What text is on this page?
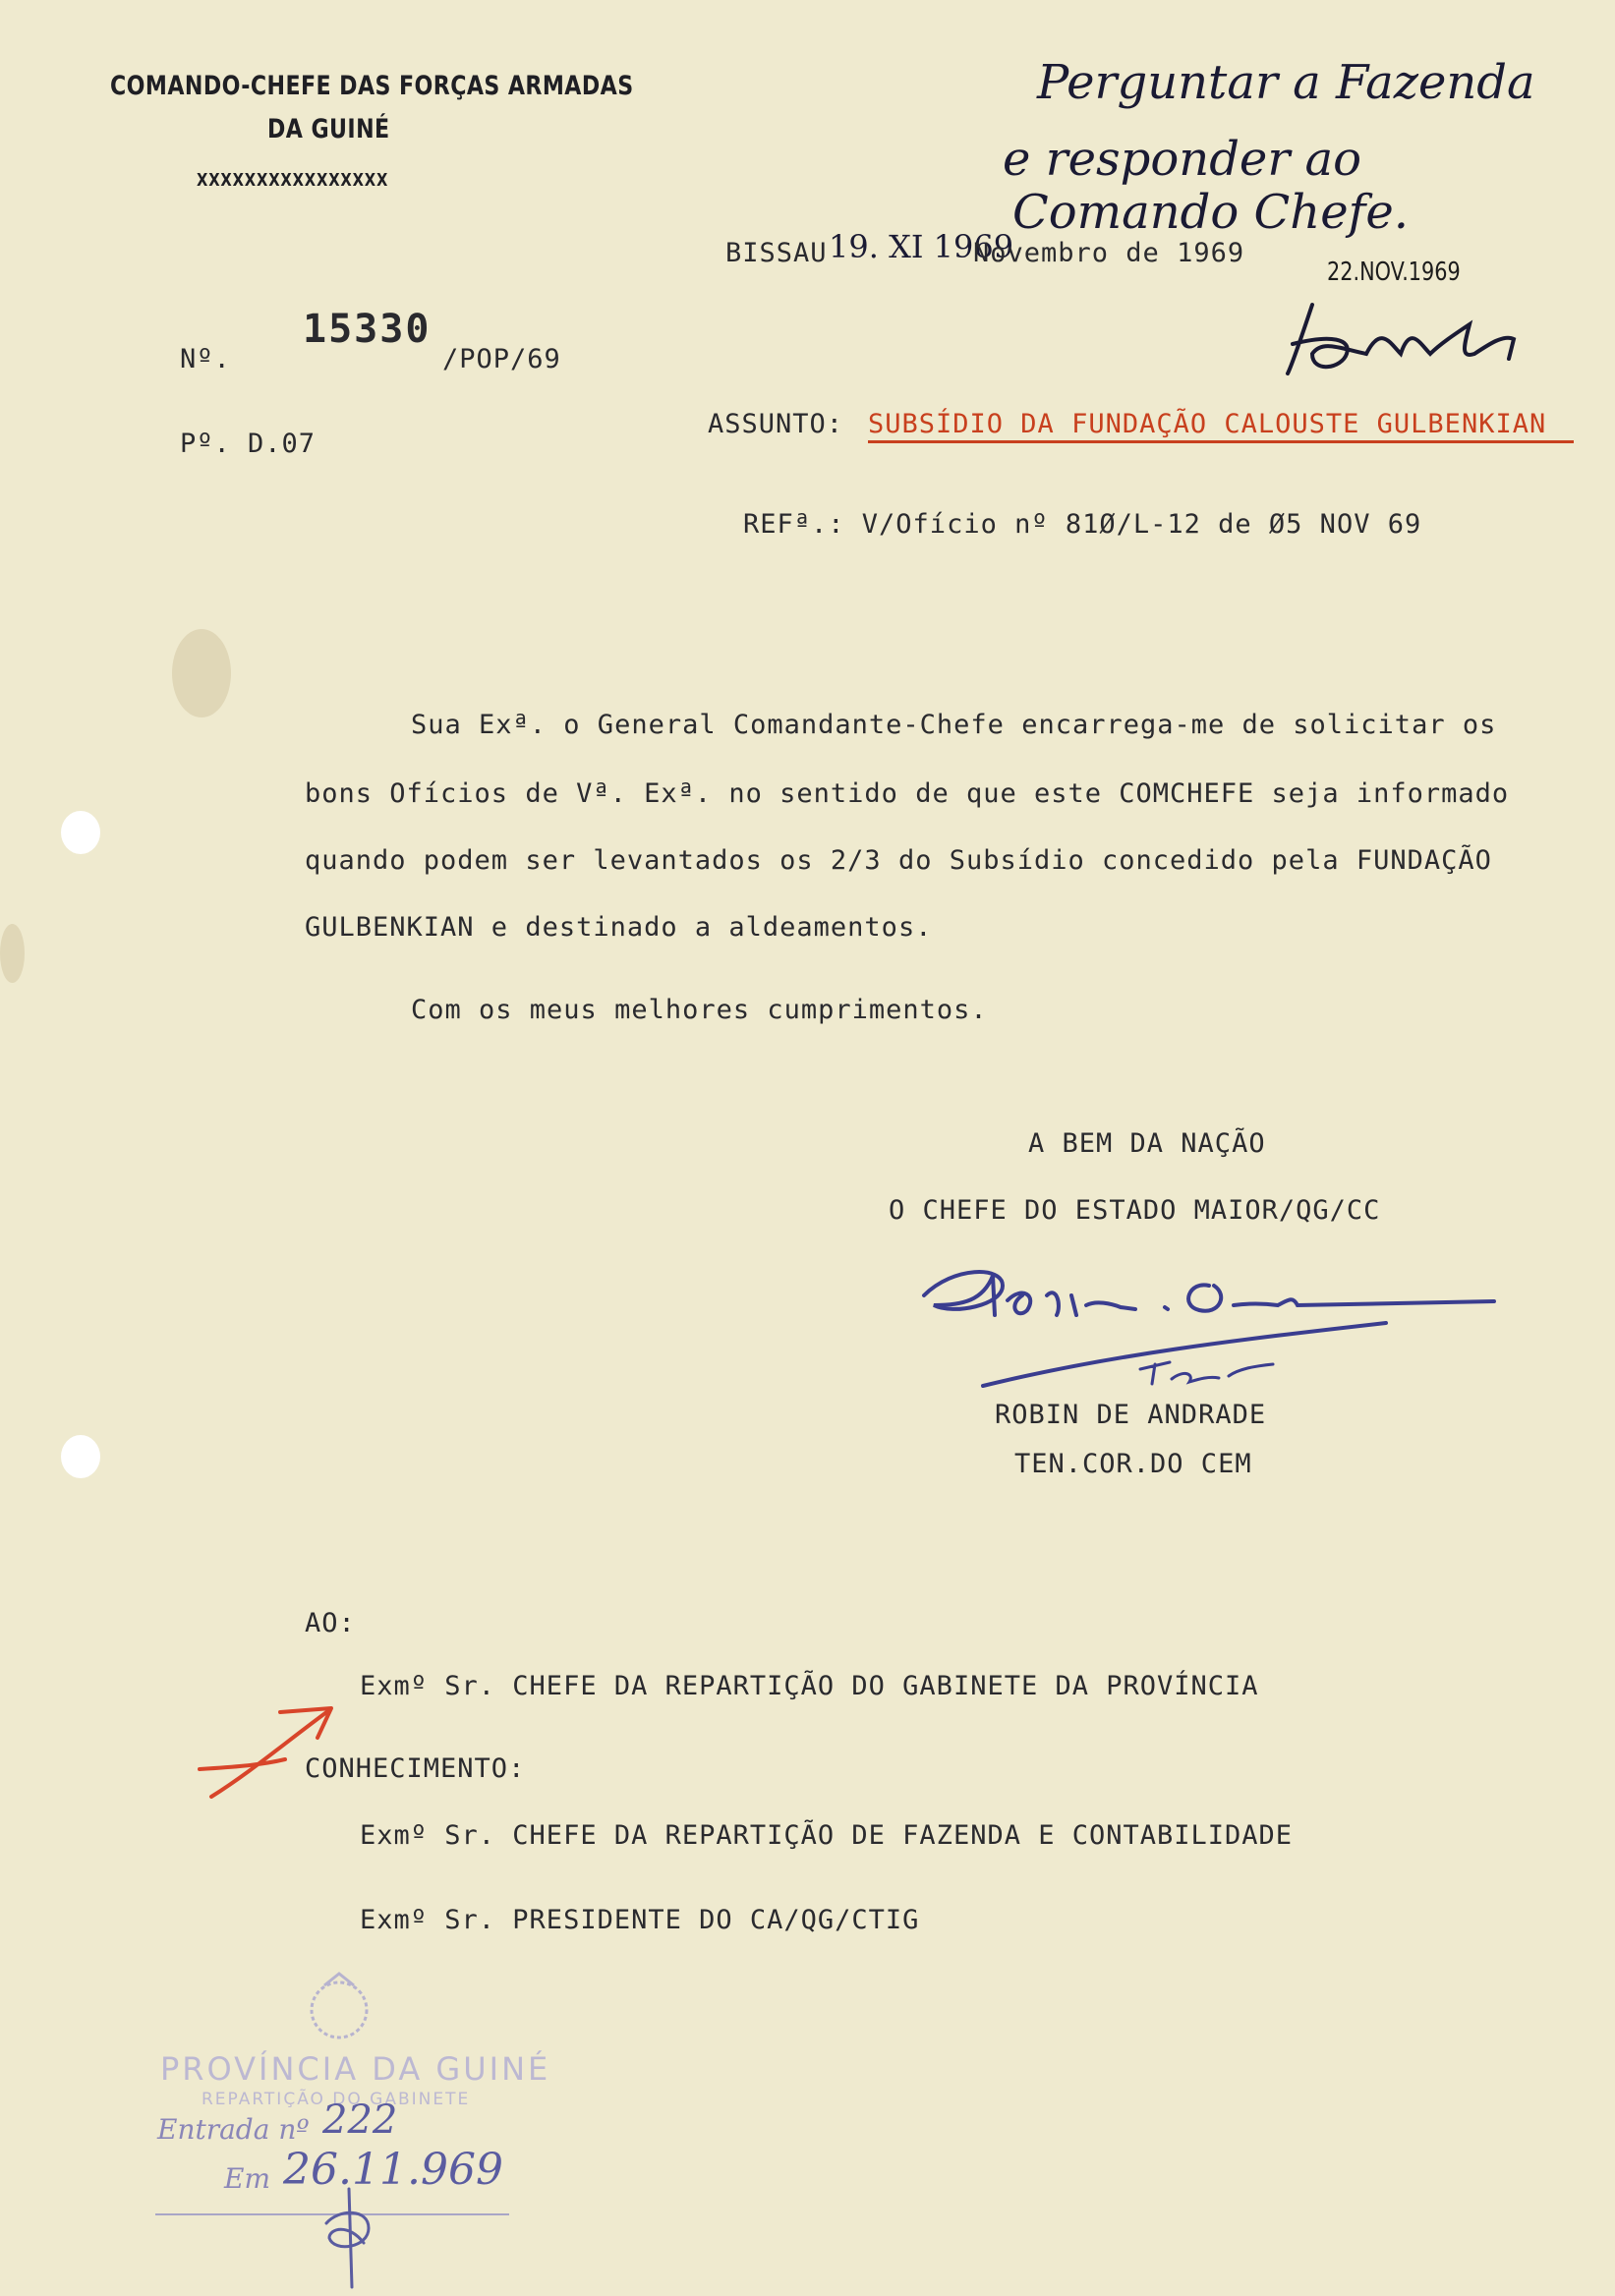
COMANDO-CHEFE DAS FORÇAS ARMADAS
DA GUINÉ
XXXXXXXXXXXXXXXX
Perguntar a Fazenda
e responder ao
Comando Chefe.
BISSAU 19. XI 1969
Novembro de 1969
22.NOV.1969
Nº.
15330
/POP/69
Pº. D.07
ASSUNTO: SUBSÍDIO DA FUNDAÇÃO CALOUSTE GULBENKIAN
REFª.: V/Ofício nº 81Ø/L-12 de Ø5 NOV 69
Sua Exª. o General Comandante-Chefe encarrega-me de solicitar os
bons Ofícios de Vª. Exª. no sentido de que este COMCHEFE seja informado
quando podem ser levantados os 2/3 do Subsídio concedido pela FUNDAÇÃO
GULBENKIAN e destinado a aldeamentos.
Com os meus melhores cumprimentos.
A BEM DA NAÇÃO
O CHEFE DO ESTADO MAIOR/QG/CC
ROBIN DE ANDRADE
TEN.COR.DO CEM
AO:
Exmº Sr. CHEFE DA REPARTIÇÃO DO GABINETE DA PROVÍNCIA
CONHECIMENTO:
Exmº Sr. CHEFE DA REPARTIÇÃO DE FAZENDA E CONTABILIDADE
Exmº Sr. PRESIDENTE DO CA/QG/CTIG
PROVÍNCIA DA GUINÉ
REPARTIÇÃO DO GABINETE
Entrada nº 222
Em 26.11.969
